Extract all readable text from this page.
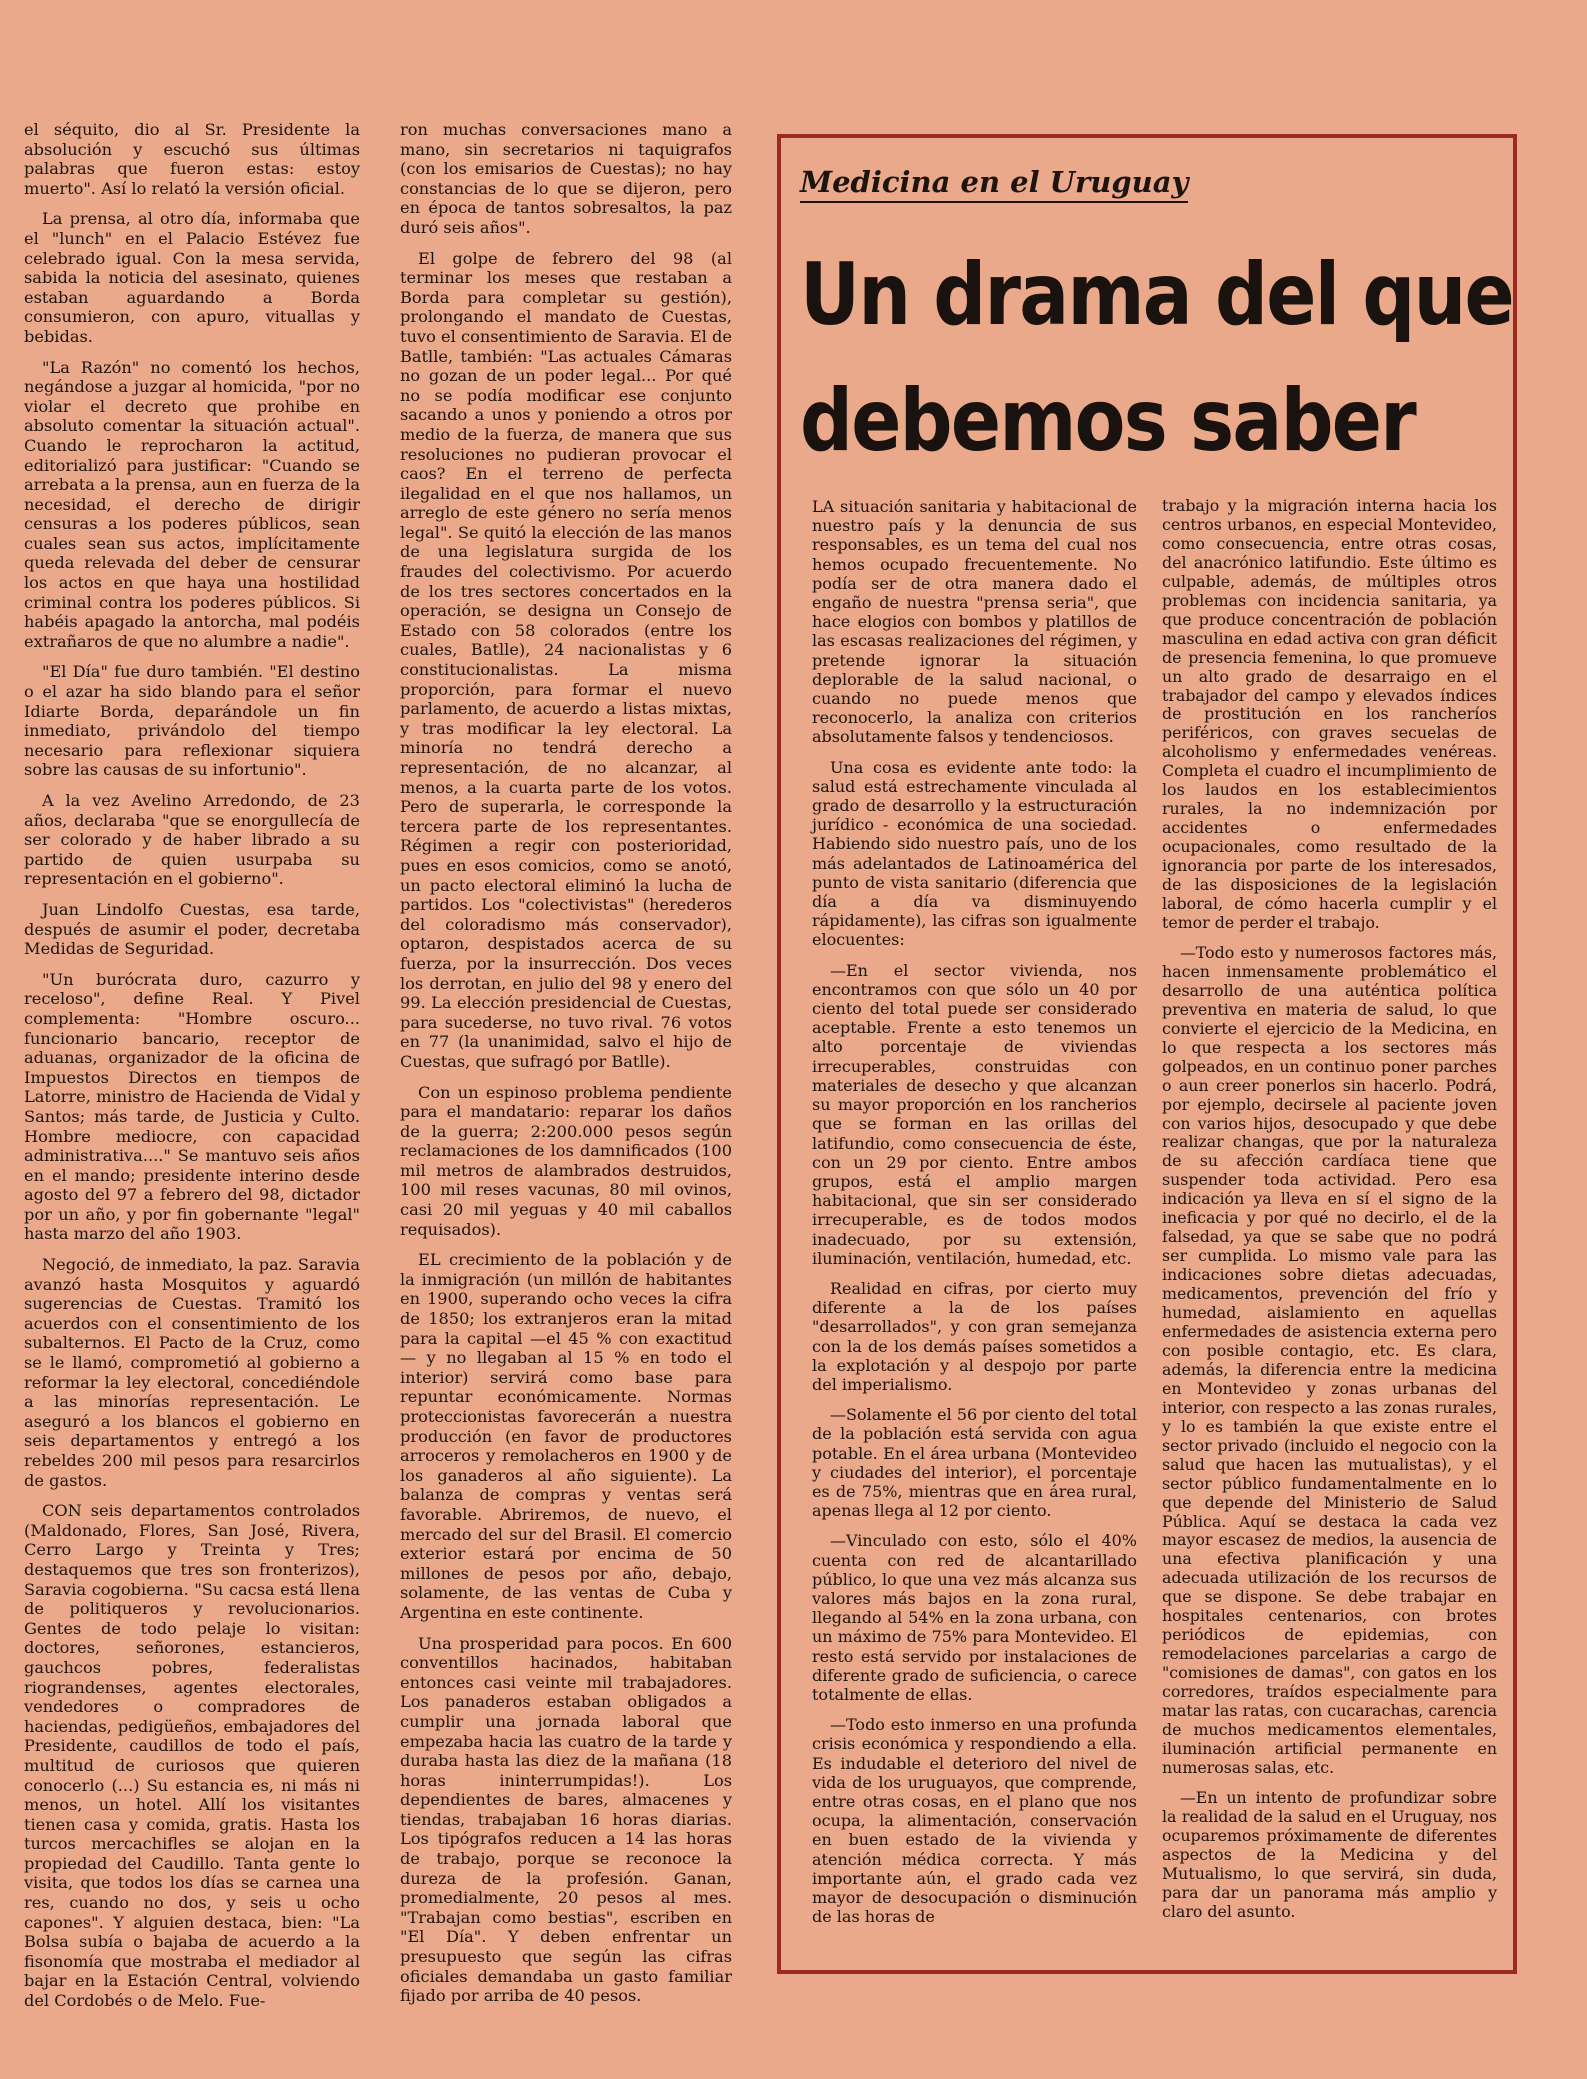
el séquito, dio al Sr. Presidente la absolución y escuchó sus últimas palabras que fueron estas: estoy muerto". Así lo relató la versión oficial.

La prensa, al otro día, informaba que el "lunch" en el Palacio Estévez fue celebrado igual. Con la mesa servida, sabida la noticia del asesinato, quienes estaban aguardando a Borda consumieron, con apuro, vituallas y bebidas.

"La Razón" no comentó los hechos, negándose a juzgar al homicida, "por no violar el decreto que prohibe en absoluto comentar la situación actual". Cuando le reprocharon la actitud, editorializó para justificar: "Cuando se arrebata a la prensa, aun en fuerza de la necesidad, el derecho de dirigir censuras a los poderes públicos, sean cuales sean sus actos, implícitamente queda relevada del deber de censurar los actos en que haya una hostilidad criminal contra los poderes públicos. Si habéis apagado la antorcha, mal podéis extrañaros de que no alumbre a nadie".

"El Día" fue duro también. "El destino o el azar ha sido blando para el señor Idiarte Borda, deparándole un fin inmediato, privándolo del tiempo necesario para reflexionar siquiera sobre las causas de su infortunio".

A la vez Avelino Arredondo, de 23 años, declaraba "que se enorgullecía de ser colorado y de haber librado a su partido de quien usurpaba su representación en el gobierno".

Juan Lindolfo Cuestas, esa tarde, después de asumir el poder, decretaba Medidas de Seguridad.

"Un burócrata duro, cazurro y receloso", define Real. Y Pivel complementa: "Hombre oscuro... funcionario bancario, receptor de aduanas, organizador de la oficina de Impuestos Directos en tiempos de Latorre, ministro de Hacienda de Vidal y Santos; más tarde, de Justicia y Culto. Hombre mediocre, con capacidad administrativa...." Se mantuvo seis años en el mando; presidente interino desde agosto del 97 a febrero del 98, dictador por un año, y por fin gobernante "legal" hasta marzo del año 1903.

Negoció, de inmediato, la paz. Saravia avanzó hasta Mosquitos y aguardó sugerencias de Cuestas. Tramitó los acuerdos con el consentimiento de los subalternos. El Pacto de la Cruz, como se le llamó, comprometió al gobierno a reformar la ley electoral, concediéndole a las minorías representación. Le aseguró a los blancos el gobierno en seis departamentos y entregó a los rebeldes 200 mil pesos para resarcirlos de gastos.

CON seis departamentos controlados (Maldonado, Flores, San José, Rivera, Cerro Largo y Treinta y Tres; destaquemos que tres son fronterizos), Saravia cogobierna. "Su cacsa está llena de politiqueros y revolucionarios. Gentes de todo pelaje lo visitan: doctores, señorones, estancieros, gauchcos pobres, federalistas riograndenses, agentes electorales, vendedores o compradores de haciendas, pedigüeños, embajadores del Presidente, caudillos de todo el país, multitud de curiosos que quieren conocerlo (...) Su estancia es, ni más ni menos, un hotel. Allí los visitantes tienen casa y comida, gratis. Hasta los turcos mercachifles se alojan en la propiedad del Caudillo. Tanta gente lo visita, que todos los días se carnea una res, cuando no dos, y seis u ocho capones". Y alguien destaca, bien: "La Bolsa subía o bajaba de acuerdo a la fisonomía que mostraba el mediador al bajar en la Estación Central, volviendo del Cordobés o de Melo. Fue-

ron muchas conversaciones mano a mano, sin secretarios ni taquigrafos (con los emisarios de Cuestas); no hay constancias de lo que se dijeron, pero en época de tantos sobresaltos, la paz duró seis años".

El golpe de febrero del 98 (al terminar los meses que restaban a Borda para completar su gestión), prolongando el mandato de Cuestas, tuvo el consentimiento de Saravia. El de Batlle, también: "Las actuales Cámaras no gozan de un poder legal... Por qué no se podía modificar ese conjunto sacando a unos y poniendo a otros por medio de la fuerza, de manera que sus resoluciones no pudieran provocar el caos? En el terreno de perfecta ilegalidad en el que nos hallamos, un arreglo de este género no sería menos legal". Se quitó la elección de las manos de una legislatura surgida de los fraudes del colectivismo. Por acuerdo de los tres sectores concertados en la operación, se designa un Consejo de Estado con 58 colorados (entre los cuales, Batlle), 24 nacionalistas y 6 constitucionalistas. La misma proporción, para formar el nuevo parlamento, de acuerdo a listas mixtas, y tras modificar la ley electoral. La minoría no tendrá derecho a representación, de no alcanzar, al menos, a la cuarta parte de los votos. Pero de superarla, le corresponde la tercera parte de los representantes. Régimen a regir con posterioridad, pues en esos comicios, como se anotó, un pacto electoral eliminó la lucha de partidos. Los "colectivistas" (herederos del coloradismo más conservador), optaron, despistados acerca de su fuerza, por la insurrección. Dos veces los derrotan, en julio del 98 y enero del 99. La elección presidencial de Cuestas, para sucederse, no tuvo rival. 76 votos en 77 (la unanimidad, salvo el hijo de Cuestas, que sufragó por Batlle).

Con un espinoso problema pendiente para el mandatario: reparar los daños de la guerra; 2:200.000 pesos según reclamaciones de los damnificados (100 mil metros de alambrados destruidos, 100 mil reses vacunas, 80 mil ovinos, casi 20 mil yeguas y 40 mil caballos requisados).

EL crecimiento de la población y de la inmigración (un millón de habitantes en 1900, superando ocho veces la cifra de 1850; los extranjeros eran la mitad para la capital —el 45 % con exactitud— y no llegaban al 15 % en todo el interior) servirá como base para repuntar económicamente. Normas proteccionistas favorecerán a nuestra producción (en favor de productores arroceros y remolacheros en 1900 y de los ganaderos al año siguiente). La balanza de compras y ventas será favorable. Abriremos, de nuevo, el mercado del sur del Brasil. El comercio exterior estará por encima de 50 millones de pesos por año, debajo, solamente, de las ventas de Cuba y Argentina en este continente.

Una prosperidad para pocos. En 600 conventillos hacinados, habitaban entonces casi veinte mil trabajadores. Los panaderos estaban obligados a cumplir una jornada laboral que empezaba hacia las cuatro de la tarde y duraba hasta las diez de la mañana (18 horas ininterrumpidas!). Los dependientes de bares, almacenes y tiendas, trabajaban 16 horas diarias. Los tipógrafos reducen a 14 las horas de trabajo, porque se reconoce la dureza de la profesión. Ganan, promedialmente, 20 pesos al mes. "Trabajan como bestias", escriben en "El Día". Y deben enfrentar un presupuesto que según las cifras oficiales demandaba un gasto familiar fijado por arriba de 40 pesos.

Medicina en el Uruguay
Un drama del que
debemos saber

LA situación sanitaria y habitacional de nuestro país y la denuncia de sus responsables, es un tema del cual nos hemos ocupado frecuentemente. No podía ser de otra manera dado el engaño de nuestra "prensa seria", que hace elogios con bombos y platillos de las escasas realizaciones del régimen, y pretende ignorar la situación deplorable de la salud nacional, o cuando no puede menos que reconocerlo, la analiza con criterios absolutamente falsos y tendenciosos.

Una cosa es evidente ante todo: la salud está estrechamente vinculada al grado de desarrollo y la estructuración jurídico - económica de una sociedad. Habiendo sido nuestro país, uno de los más adelantados de Latinoamérica del punto de vista sanitario (diferencia que día a día va disminuyendo rápidamente), las cifras son igualmente elocuentes:

—En el sector vivienda, nos encontramos con que sólo un 40 por ciento del total puede ser considerado aceptable. Frente a esto tenemos un alto porcentaje de viviendas irrecuperables, construidas con materiales de desecho y que alcanzan su mayor proporción en los rancherios que se forman en las orillas del latifundio, como consecuencia de éste, con un 29 por ciento. Entre ambos grupos, está el amplio margen habitacional, que sin ser considerado irrecuperable, es de todos modos inadecuado, por su extensión, iluminación, ventilación, humedad, etc.

Realidad en cifras, por cierto muy diferente a la de los países "desarrollados", y con gran semejanza con la de los demás países sometidos a la explotación y al despojo por parte del imperialismo.

—Solamente el 56 por ciento del total de la población está servida con agua potable. En el área urbana (Montevideo y ciudades del interior), el porcentaje es de 75%, mientras que en área rural, apenas llega al 12 por ciento.

—Vinculado con esto, sólo el 40% cuenta con red de alcantarillado público, lo que una vez más alcanza sus valores más bajos en la zona rural, llegando al 54% en la zona urbana, con un máximo de 75% para Montevideo. El resto está servido por instalaciones de diferente grado de suficiencia, o carece totalmente de ellas.

—Todo esto inmerso en una profunda crisis económica y respondiendo a ella. Es indudable el deterioro del nivel de vida de los uruguayos, que comprende, entre otras cosas, en el plano que nos ocupa, la alimentación, conservación en buen estado de la vivienda y atención médica correcta. Y más importante aún, el grado cada vez mayor de desocupación o disminución de las horas de

trabajo y la migración interna hacia los centros urbanos, en especial Montevideo, como consecuencia, entre otras cosas, del anacrónico latifundio. Este último es culpable, además, de múltiples otros problemas con incidencia sanitaria, ya que produce concentración de población masculina en edad activa con gran déficit de presencia femenina, lo que promueve un alto grado de desarraigo en el trabajador del campo y elevados índices de prostitución en los rancheríos periféricos, con graves secuelas de alcoholismo y enfermedades venéreas. Completa el cuadro el incumplimiento de los laudos en los establecimientos rurales, la no indemnización por accidentes o enfermedades ocupacionales, como resultado de la ignorancia por parte de los interesados, de las disposiciones de la legislación laboral, de cómo hacerla cumplir y el temor de perder el trabajo.

—Todo esto y numerosos factores más, hacen inmensamente problemático el desarrollo de una auténtica política preventiva en materia de salud, lo que convierte el ejercicio de la Medicina, en lo que respecta a los sectores más golpeados, en un continuo poner parches o aun creer ponerlos sin hacerlo. Podrá, por ejemplo, decirsele al paciente joven con varios hijos, desocupado y que debe realizar changas, que por la naturaleza de su afección cardíaca tiene que suspender toda actividad. Pero esa indicación ya lleva en sí el signo de la ineficacia y por qué no decirlo, el de la falsedad, ya que se sabe que no podrá ser cumplida. Lo mismo vale para las indicaciones sobre dietas adecuadas, medicamentos, prevención del frío y humedad, aislamiento en aquellas enfermedades de asistencia externa pero con posible contagio, etc. Es clara, además, la diferencia entre la medicina en Montevideo y zonas urbanas del interior, con respecto a las zonas rurales, y lo es también la que existe entre el sector privado (incluido el negocio con la salud que hacen las mutualistas), y el sector público fundamentalmente en lo que depende del Ministerio de Salud Pública. Aquí se destaca la cada vez mayor escasez de medios, la ausencia de una efectiva planificación y una adecuada utilización de los recursos de que se dispone. Se debe trabajar en hospitales centenarios, con brotes periódicos de epidemias, con remodelaciones parcelarias a cargo de "comisiones de damas", con gatos en los corredores, traídos especialmente para matar las ratas, con cucarachas, carencia de muchos medicamentos elementales, iluminación artificial permanente en numerosas salas, etc.

—En un intento de profundizar sobre la realidad de la salud en el Uruguay, nos ocuparemos próximamente de diferentes aspectos de la Medicina y del Mutualismo, lo que servirá, sin duda, para dar un panorama más amplio y claro del asunto.
